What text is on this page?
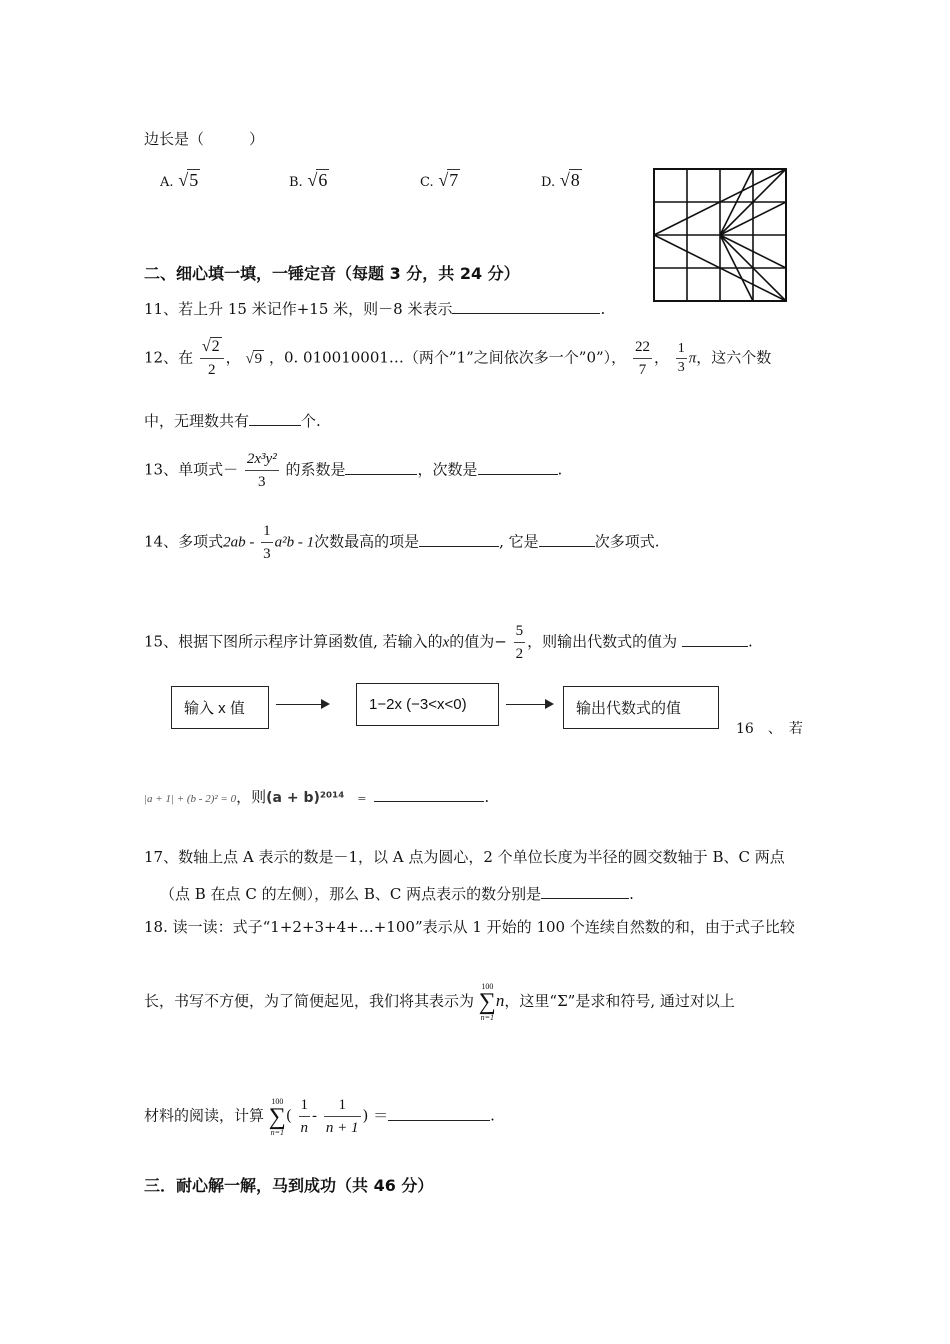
边长是（　　　）
A. √5	B. √6	C. √7	D. √8
二、细心填一填，一锤定音（每题 3 分，共 24 分）
11、若上升 15 米记作+15 米，则－8 米表示	.
12、在 $\frac{√2}{2}$ ， √9 ，0. 010010001…（两个”1”之间依次多一个”0”）， $\frac{22}{7}$ ， $\frac{1}{3}$ π，这六个数
中，无理数共有	个.
13、单项式－ $\frac{\text{2x³y²}}{3}$ 的系数是	，次数是	.
14、多项式$2ab - \frac{1}{3} a^2b - 1$次数最高的项是	, 它是	次多项式.
15、根据下图所示程序计算函数值, 若输入的x的值为− $\frac{5}{2}$ ，则输出代数式的值为	.
输入 x 值	1−2x (−3<x<0)	输出代数式的值
16　、　若
|a + 1| + (b - 2)² = 0，则(a + b)²⁰¹⁴ =	.
17、数轴上点 A 表示的数是－1，以 A 点为圆心，2 个单位长度为半径的圆交数轴于 B、C 两点
（点 B 在点 C 的左侧），那么 B、C 两点表示的数分别是	.
18. 读一读：式子“1+2+3+4+…+100”表示从 1 开始的 100 个连续自然数的和，由于式子比较
长，书写不方便，为了简便起见，我们将其表示为
100
∑
n=1
n，这里“Σ”是求和符号, 通过对以上
材料的阅读，计算
100
∑
n=1
( $\frac{1}{n} - \frac{1}{n + 1}$ ) ＝	.
三．耐心解一解，马到成功（共 46 分）
